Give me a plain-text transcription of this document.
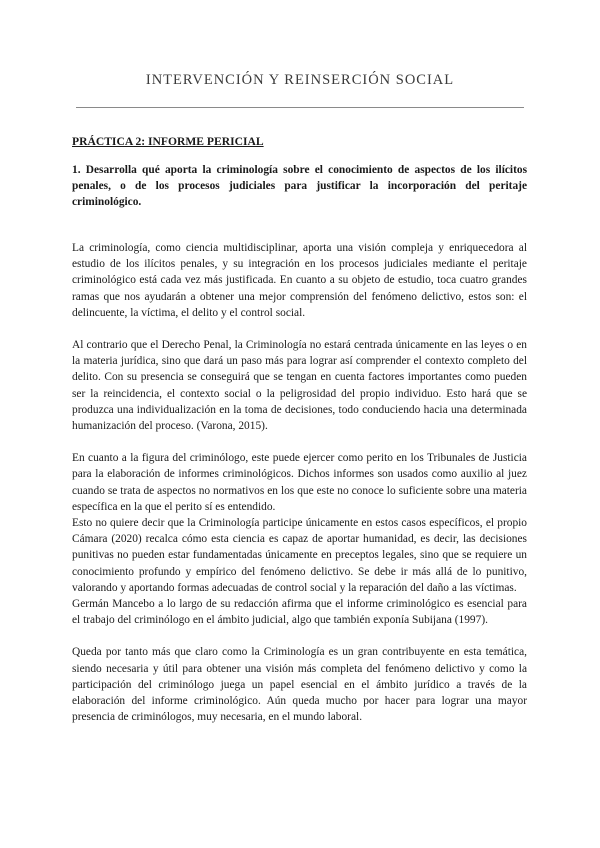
INTERVENCIÓN Y REINSERCIÓN SOCIAL

PRÁCTICA 2: INFORME PERICIAL

1. Desarrolla qué aporta la criminología sobre el conocimiento de aspectos de los ilícitos penales, o de los procesos judiciales para justificar la incorporación del peritaje criminológico.

La criminología, como ciencia multidisciplinar, aporta una visión compleja y enriquecedora al estudio de los ilícitos penales, y su integración en los procesos judiciales mediante el peritaje criminológico está cada vez más justificada. En cuanto a su objeto de estudio, toca cuatro grandes ramas que nos ayudarán a obtener una mejor comprensión del fenómeno delictivo, estos son: el delincuente, la víctima, el delito y el control social.

Al contrario que el Derecho Penal, la Criminología no estará centrada únicamente en las leyes o en la materia jurídica, sino que dará un paso más para lograr así comprender el contexto completo del delito. Con su presencia se conseguirá que se tengan en cuenta factores importantes como pueden ser la reincidencia, el contexto social o la peligrosidad del propio individuo. Esto hará que se produzca una individualización en la toma de decisiones, todo conduciendo hacia una determinada humanización del proceso. (Varona, 2015).

En cuanto a la figura del criminólogo, este puede ejercer como perito en los Tribunales de Justicia para la elaboración de informes criminológicos. Dichos informes son usados como auxilio al juez cuando se trata de aspectos no normativos en los que este no conoce lo suficiente sobre una materia específica en la que el perito sí es entendido.

Esto no quiere decir que la Criminología participe únicamente en estos casos específicos, el propio Cámara (2020) recalca cómo esta ciencia es capaz de aportar humanidad, es decir, las decisiones punitivas no pueden estar fundamentadas únicamente en preceptos legales, sino que se requiere un conocimiento profundo y empírico del fenómeno delictivo. Se debe ir más allá de lo punitivo, valorando y aportando formas adecuadas de control social y la reparación del daño a las víctimas.

Germán Mancebo a lo largo de su redacción afirma que el informe criminológico es esencial para el trabajo del criminólogo en el ámbito judicial, algo que también exponía Subijana (1997).

Queda por tanto más que claro como la Criminología es un gran contribuyente en esta temática, siendo necesaria y útil para obtener una visión más completa del fenómeno delictivo y como la participación del criminólogo juega un papel esencial en el ámbito jurídico a través de la elaboración del informe criminológico. Aún queda mucho por hacer para lograr una mayor presencia de criminólogos, muy necesaria, en el mundo laboral.
